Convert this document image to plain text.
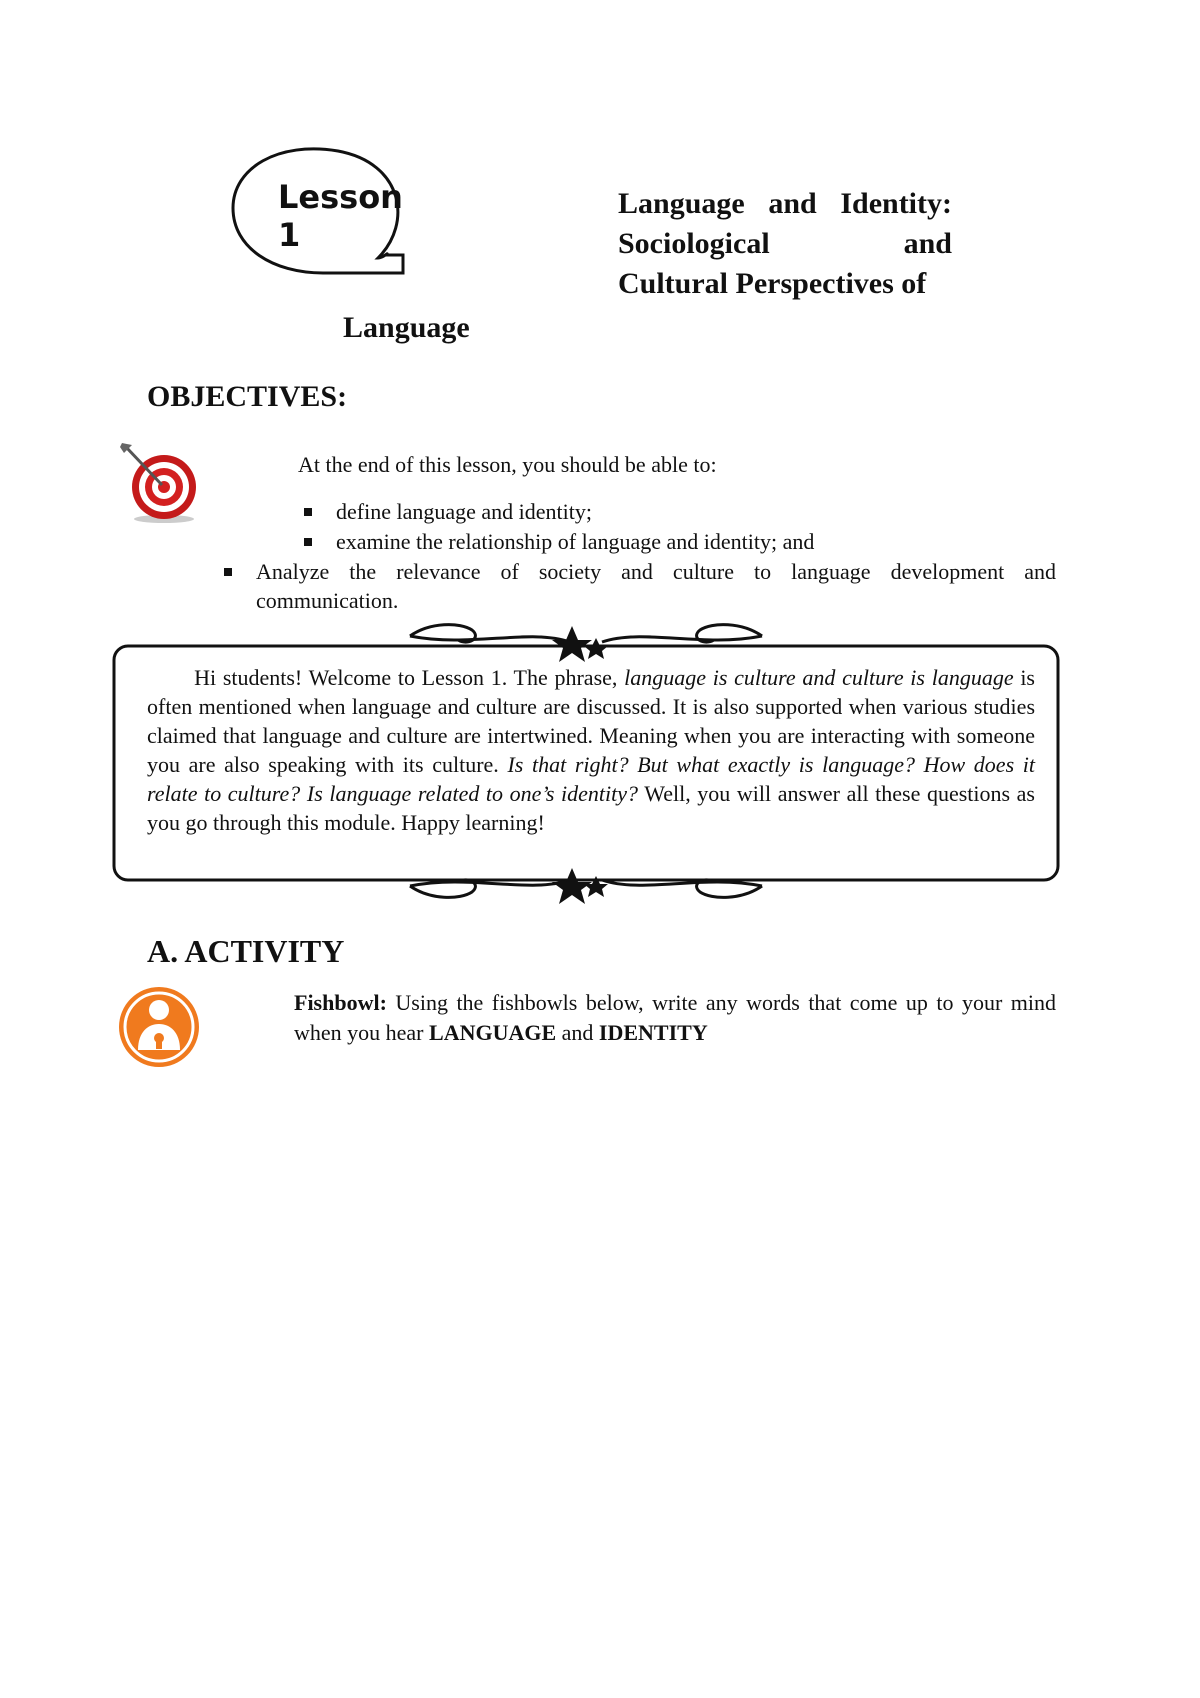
Lesson 1
Language and Identity:
Sociological	and
Cultural Perspectives of
Language
OBJECTIVES:
At the end of this lesson, you should be able to:
define language and identity;
examine the relationship of language and identity; and
Analyze the relevance of society and culture to language development and communication.
Hi students! Welcome to Lesson 1. The phrase, language is culture and culture is language is often mentioned when language and culture are discussed. It is also supported when various studies claimed that language and culture are intertwined. Meaning when you are interacting with someone you are also speaking with its culture. Is that right? But what exactly is language? How does it relate to culture? Is language related to one’s identity? Well, you will answer all these questions as you go through this module. Happy learning!
A. ACTIVITY
Fishbowl: Using the fishbowls below, write any words that come up to your mind when you hear LANGUAGE and IDENTITY
